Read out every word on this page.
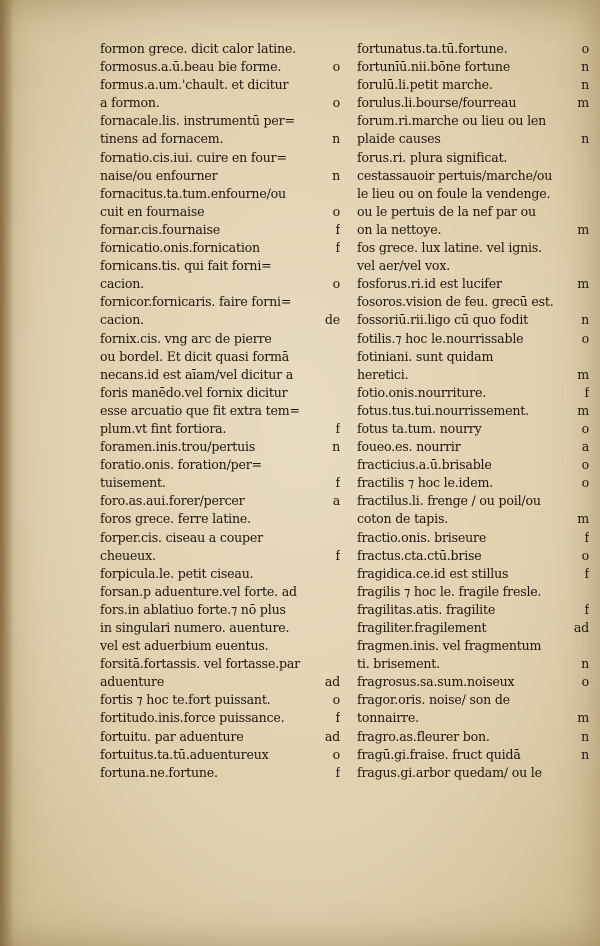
formon grece. dicit calor latine.
formosus.a.ū.beau bie forme.	o
formus.a.um.'chault. et dicitur
a formon.	o
fornacale.lis. instrumentū per=
tinens ad fornacem.	n
fornatio.cis.iui. cuire en four=
naise/ou enfourner	n
fornacitus.ta.tum.enfourne/ou
cuit en fournaise	o
fornar.cis.fournaise	f
fornicatio.onis.fornication	f
fornicans.tis. qui fait forni=
cacion.	o
fornicor.fornicaris. faire forni=
cacion.	de
fornix.cis. vng arc de pierre
ou bordel. Et dicit quasi formā
necans.id est aīam/vel dicitur a
foris manēdo.vel fornix dicitur
esse arcuatio que fit extra tem=
plum.vt fint fortiora.	f
foramen.inis.trou/pertuis	n
foratio.onis. foration/per=
tuisement.	f
foro.as.aui.forer/percer	a
foros grece. ferre latine.
forper.cis. ciseau a couper
cheueux.	f
forpicula.le. petit ciseau.
forsan.p aduenture.vel forte. ad
fors.in ablatiuo forte.⁊ nō plus
in singulari numero. auenture.
vel est aduerbium euentus.
forsitā.fortassis. vel fortasse.par
aduenture	ad
fortis ⁊ hoc te.fort puissant.	o
fortitudo.inis.force puissance.	f
fortuitu. par aduenture	ad
fortuitus.ta.tū.aduentureux	o
fortuna.ne.fortune.	f
fortunatus.ta.tū.fortune.	o
fortunīū.nii.bōne fortune	n
forulū.li.petit marche.	n
forulus.li.bourse/fourreau	m
forum.ri.marche ou lieu ou len
plaide causes	n
forus.ri. plura significat.
cestassauoir pertuis/marche/ou
le lieu ou on foule la vendenge.
ou le pertuis de la nef par ou
on la nettoye.	m
fos grece. lux latine. vel ignis.
vel aer/vel vox.
fosforus.ri.id est lucifer	m
fosoros.vision de feu. grecū est.
fossoriū.rii.ligo cū quo fodit	n
fotilis.⁊ hoc le.nourrissable	o
fotiniani. sunt quidam
heretici.	m
fotio.onis.nourriture.	f
fotus.tus.tui.nourrissement.	m
fotus ta.tum. nourry	o
foueo.es. nourrir	a
fracticius.a.ū.brisable	o
fractilis ⁊ hoc le.idem.	o
fractilus.li. frenge / ou poil/ou
coton de tapis.	m
fractio.onis. briseure	f
fractus.cta.ctū.brise	o
fragidica.ce.id est stillus	f
fragilis ⁊ hoc le. fragile fresle.
fragilitas.atis. fragilite	f
fragiliter.fragilement	ad
fragmen.inis. vel fragmentum
ti. brisement.	n
fragrosus.sa.sum.noiseux	o
fragor.oris. noise/ son de
tonnairre.	m
fragro.as.fleurer bon.	n
fragū.gi.fraise. fruct quidā	n
fragus.gi.arbor quedam/ ou le
